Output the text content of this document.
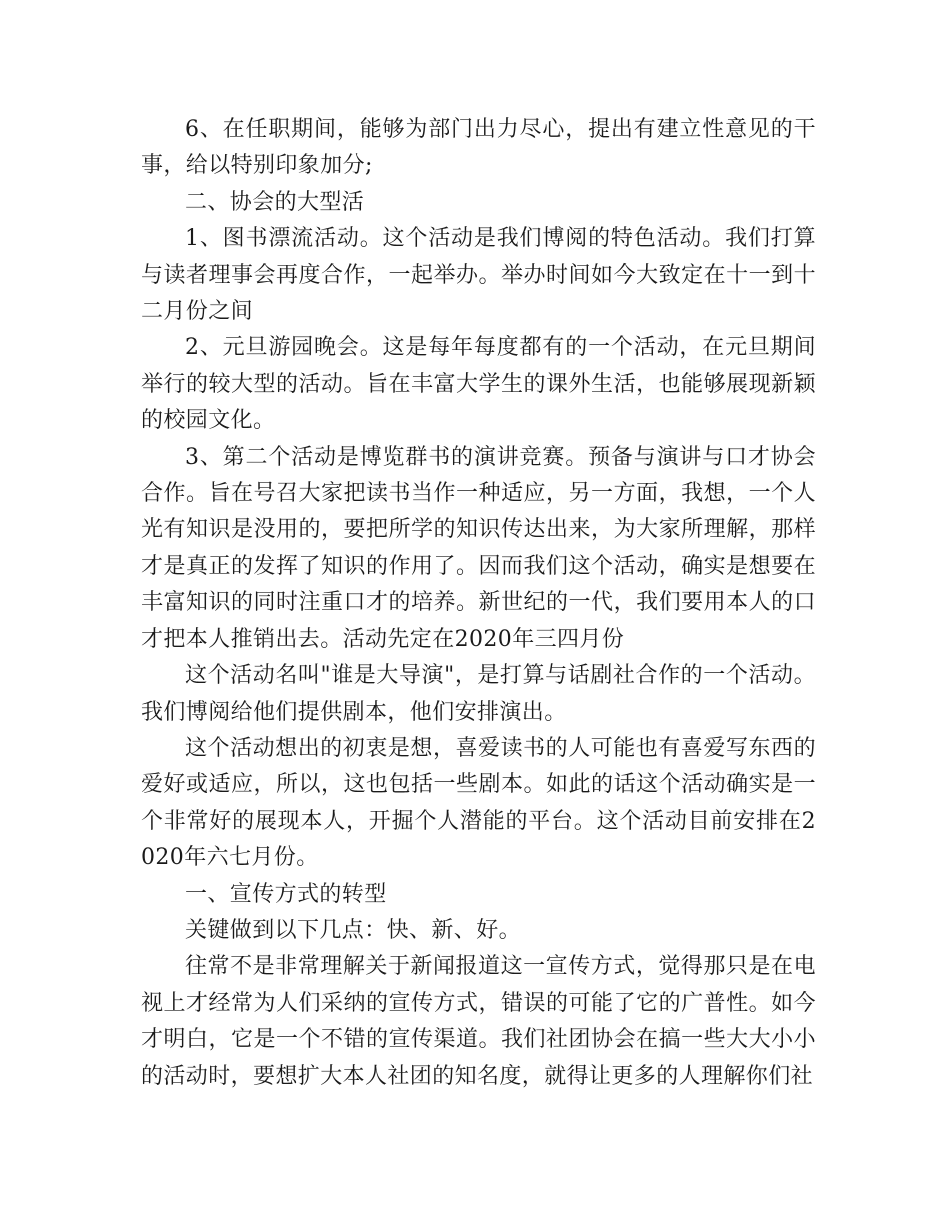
6、在任职期间，能够为部门出力尽心，提出有建立性意见的干事，给以特别印象加分;

二、协会的大型活

1、图书漂流活动。这个活动是我们博阅的特色活动。我们打算与读者理事会再度合作，一起举办。举办时间如今大致定在十一到十二月份之间

2、元旦游园晚会。这是每年每度都有的一个活动，在元旦期间举行的较大型的活动。旨在丰富大学生的课外生活，也能够展现新颖的校园文化。

3、第二个活动是博览群书的演讲竞赛。预备与演讲与口才协会合作。旨在号召大家把读书当作一种适应，另一方面，我想，一个人光有知识是没用的，要把所学的知识传达出来，为大家所理解，那样才是真正的发挥了知识的作用了。因而我们这个活动，确实是想要在丰富知识的同时注重口才的培养。新世纪的一代，我们要用本人的口才把本人推销出去。活动先定在2020年三四月份

这个活动名叫"谁是大导演"，是打算与话剧社合作的一个活动。我们博阅给他们提供剧本，他们安排演出。

这个活动想出的初衷是想，喜爱读书的人可能也有喜爱写东西的爱好或适应，所以，这也包括一些剧本。如此的话这个活动确实是一个非常好的展现本人，开掘个人潜能的平台。这个活动目前安排在2020年六七月份。

一、宣传方式的转型

关键做到以下几点：快、新、好。

往常不是非常理解关于新闻报道这一宣传方式，觉得那只是在电视上才经常为人们采纳的宣传方式，错误的可能了它的广普性。如今才明白，它是一个不错的宣传渠道。我们社团协会在搞一些大大小小的活动时，要想扩大本人社团的知名度，就得让更多的人理解你们社
